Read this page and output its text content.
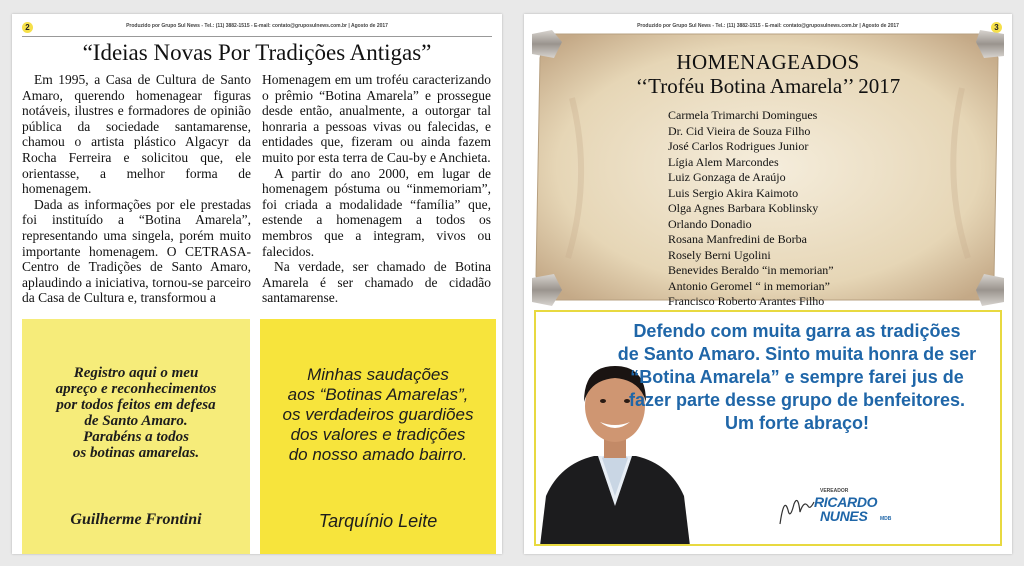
2	Produzido por Grupo Sul News - Tel.: (11) 3882-1515 - E-mail: contato@gruposulnews.com.br | Agosto de 2017
“Ideias Novas Por Tradições Antigas”

Em 1995, a Casa de Cultura de Santo Amaro, querendo homenagear figuras notáveis, ilustres e formadores de opinião pública da sociedade santamarense, chamou o artista plástico Algacyr da Rocha Ferreira e solicitou que, ele orientasse, a melhor forma de homenagem.

Dada as informações por ele prestadas foi instituído a “Botina Amarela”, representando uma singela, porém muito importante homenagem. O CETRASA-Centro de Tradições de Santo Amaro, aplaudindo a iniciativa, tornou-se parceiro da Casa de Cultura e, transformou a

Homenagem em um troféu caracterizando o prêmio “Botina Amarela” e prossegue desde então, anualmente, a outorgar tal honraria a pessoas vivas ou falecidas, e entidades que, fizeram ou ainda fazem muito por esta terra de Cau-by e Anchieta.

A partir do ano 2000, em lugar de homenagem póstuma ou “inmemoriam”, foi criada a modalidade “família” que, estende a homenagem a todos os membros que a integram, vivos ou falecidos.

Na verdade, ser chamado de Botina Amarela é ser chamado de cidadão santamarense.

Registro aqui o meu
apreço e reconhecimentos
por todos feitos em defesa
de Santo Amaro.
Parabéns a todos
os botinas amarelas.
Guilherme Frontini
Minhas saudações
aos “Botinas Amarelas”,
os verdadeiros guardiões
dos valores e tradições
do nosso amado bairro.
Tarquínio Leite
Produzido por Grupo Sul News - Tel.: (11) 3882-1515 - E-mail: contato@gruposulnews.com.br | Agosto de 2017	3
HOMENAGEADOS
‘‘Troféu Botina Amarela’’ 2017
Carmela Trimarchi Domingues
Dr. Cid Vieira de Souza Filho
José Carlos Rodrigues Junior
Lígia Alem Marcondes
Luiz Gonzaga de Araújo
Luis Sergio Akira Kaimoto
Olga Agnes Barbara Koblinsky
Orlando Donadio
Rosana Manfredini de Borba
Rosely Berni Ugolini
Benevides Beraldo “in memorian”
Antonio Geromel “ in memorian”
Francisco Roberto Arantes Filho
Defendo com muita garra as tradições
de Santo Amaro. Sinto muita honra de ser
“Botina Amarela” e sempre farei jus de
fazer parte desse grupo de benfeitores.
Um forte abraço!
VEREADOR
RICARDO
NUNES MDB
